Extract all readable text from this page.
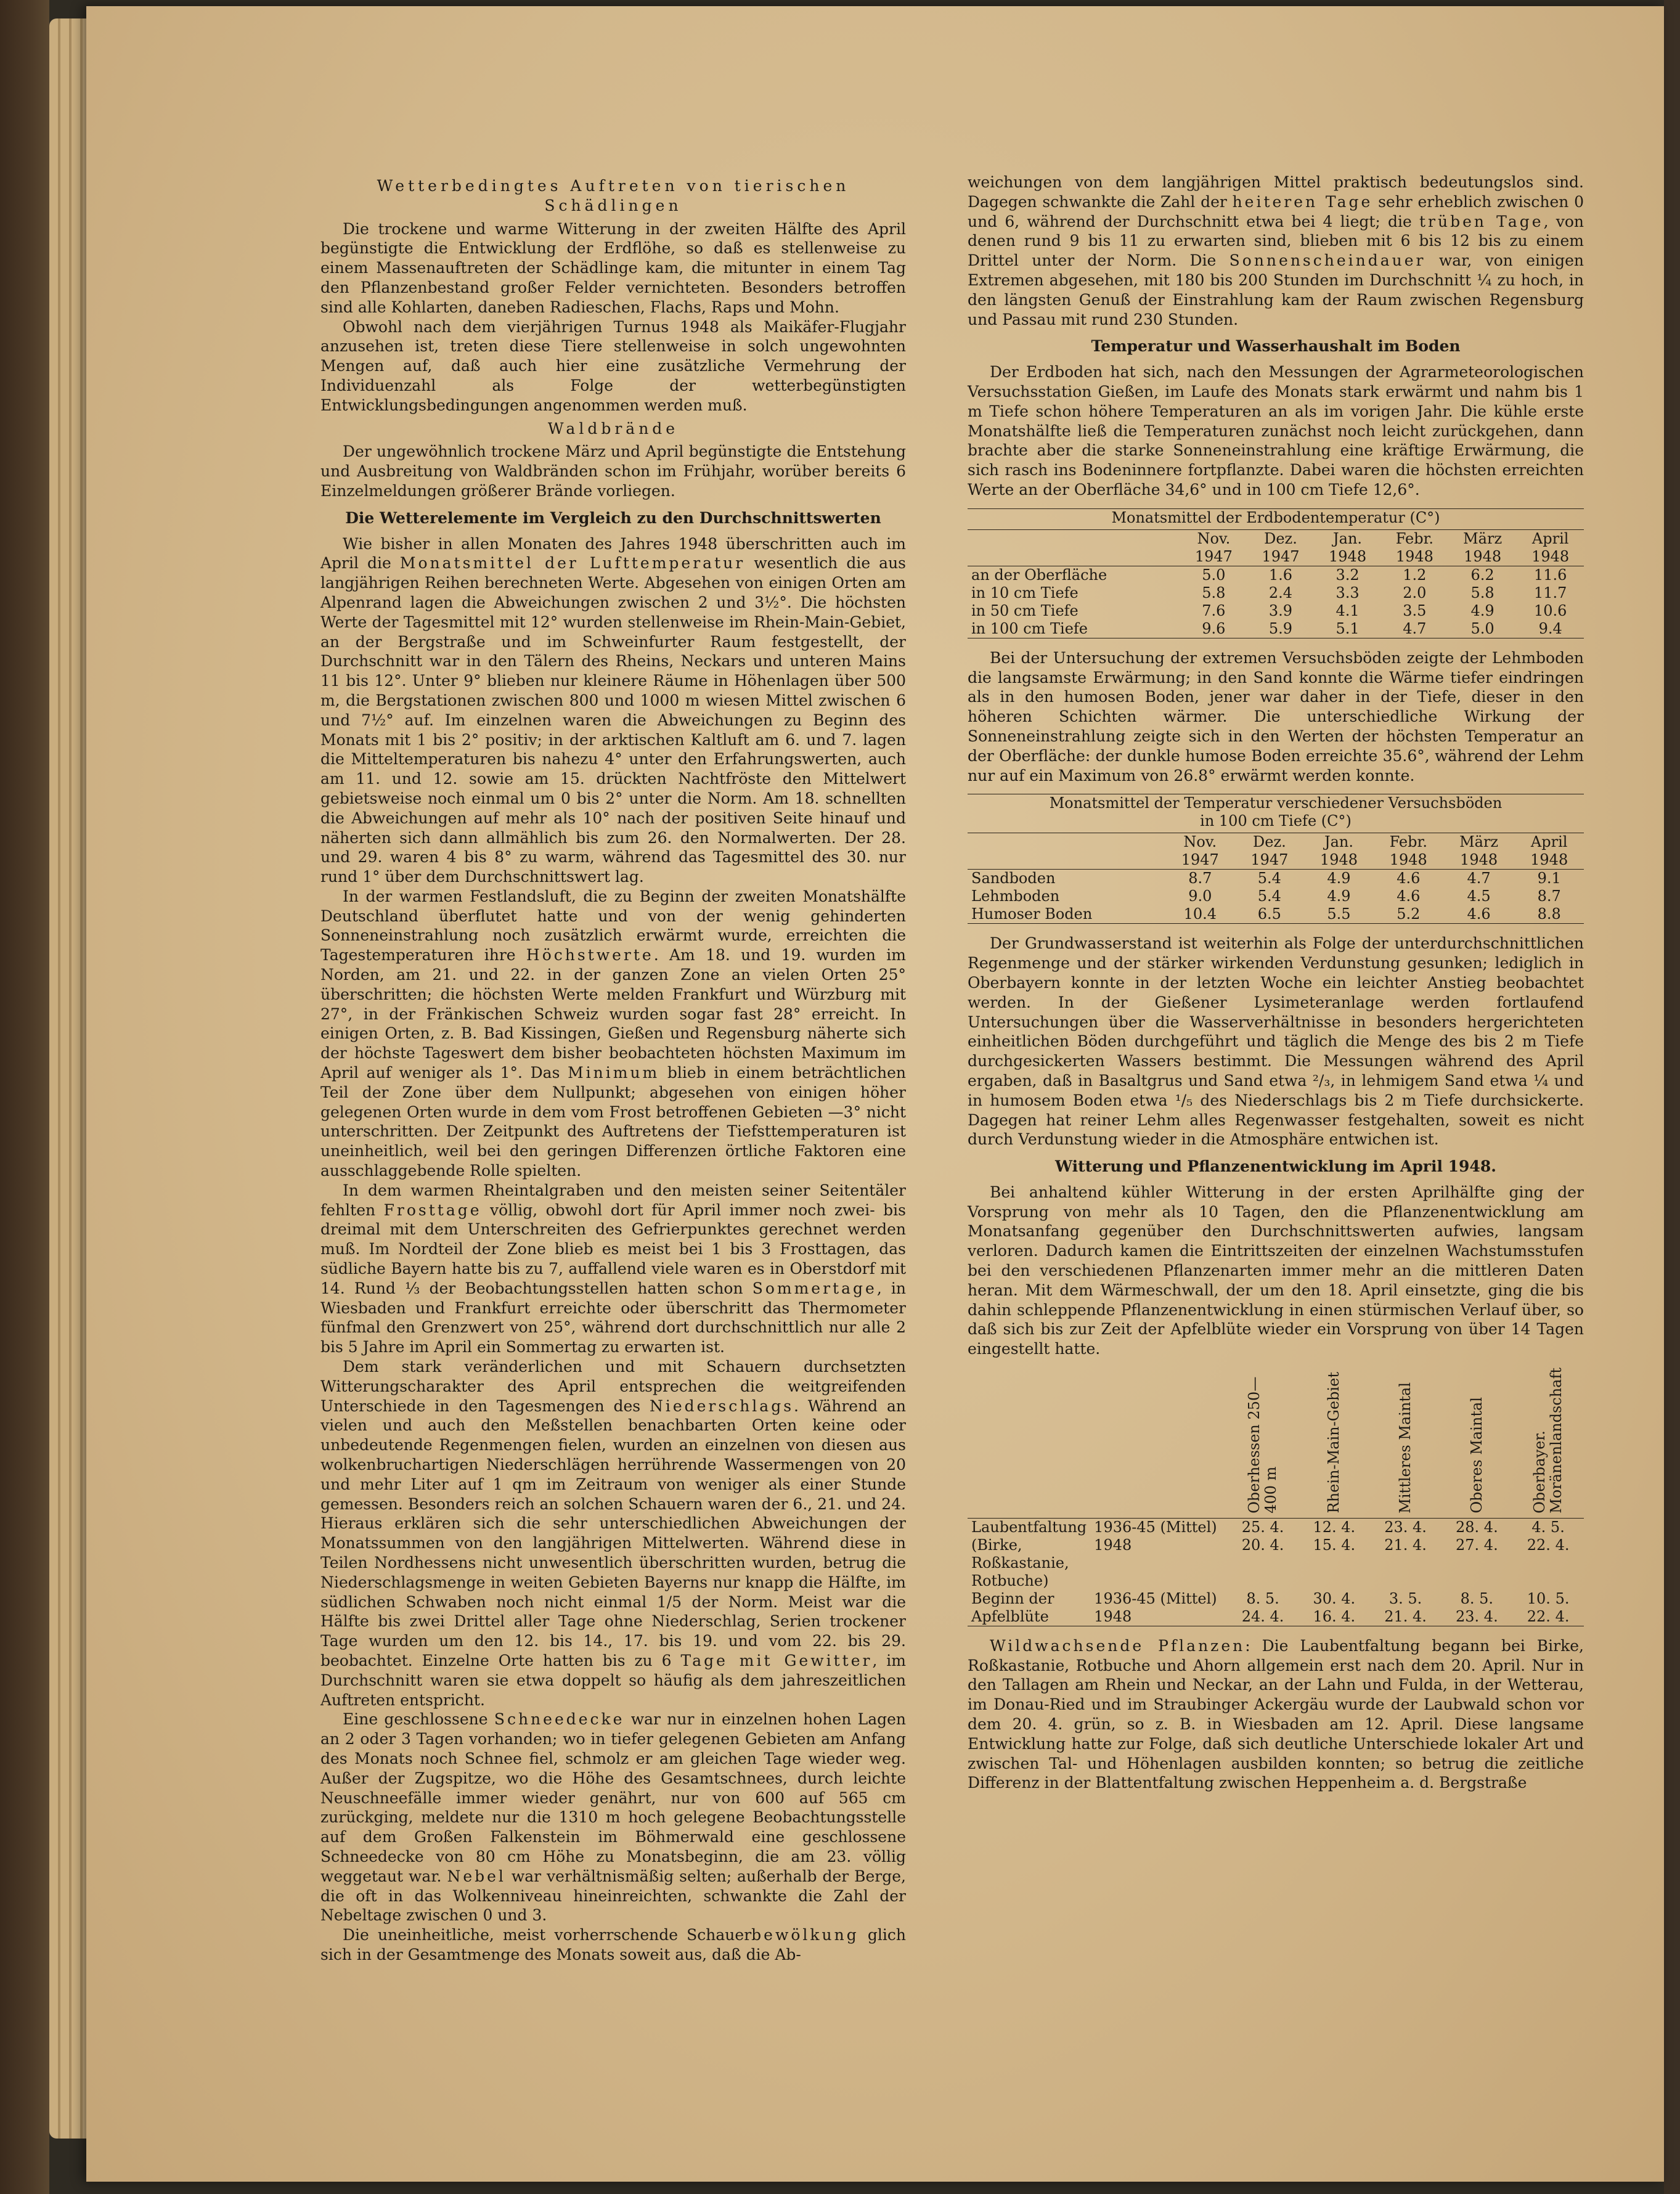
Wetterbedingtes Auftreten von tierischen
Schädlingen

Die trockene und warme Witterung in der zweiten Hälfte des April begünstigte die Entwicklung der Erdflöhe, so daß es stellenweise zu einem Massenauftreten der Schädlinge kam, die mitunter in einem Tag den Pflanzenbestand großer Felder vernichteten. Besonders betroffen sind alle Kohlarten, daneben Radieschen, Flachs, Raps und Mohn.

Obwohl nach dem vierjährigen Turnus 1948 als Maikäfer-Flugjahr anzusehen ist, treten diese Tiere stellenweise in solch ungewohnten Mengen auf, daß auch hier eine zusätzliche Vermehrung der Individuenzahl als Folge der wetterbegünstigten Entwicklungsbedingungen angenommen werden muß.

Waldbrände

Der ungewöhnlich trockene März und April begünstigte die Entstehung und Ausbreitung von Waldbränden schon im Frühjahr, worüber bereits 6 Einzelmeldungen größerer Brände vorliegen.

Die Wetterelemente im Vergleich zu den Durchschnittswerten

Wie bisher in allen Monaten des Jahres 1948 überschritten auch im April die Monatsmittel der Lufttemperatur wesentlich die aus langjährigen Reihen berechneten Werte. Abgesehen von einigen Orten am Alpenrand lagen die Abweichungen zwischen 2 und 3½°. Die höchsten Werte der Tagesmittel mit 12° wurden stellenweise im Rhein-Main-Gebiet, an der Bergstraße und im Schweinfurter Raum festgestellt, der Durchschnitt war in den Tälern des Rheins, Neckars und unteren Mains 11 bis 12°. Unter 9° blieben nur kleinere Räume in Höhenlagen über 500 m, die Bergstationen zwischen 800 und 1000 m wiesen Mittel zwischen 6 und 7½° auf. Im einzelnen waren die Abweichungen zu Beginn des Monats mit 1 bis 2° positiv; in der arktischen Kaltluft am 6. und 7. lagen die Mitteltemperaturen bis nahezu 4° unter den Erfahrungswerten, auch am 11. und 12. sowie am 15. drückten Nachtfröste den Mittelwert gebietsweise noch einmal um 0 bis 2° unter die Norm. Am 18. schnellten die Abweichungen auf mehr als 10° nach der positiven Seite hinauf und näherten sich dann allmählich bis zum 26. den Normalwerten. Der 28. und 29. waren 4 bis 8° zu warm, während das Tagesmittel des 30. nur rund 1° über dem Durchschnittswert lag.

In der warmen Festlandsluft, die zu Beginn der zweiten Monatshälfte Deutschland überflutet hatte und von der wenig gehinderten Sonneneinstrahlung noch zusätzlich erwärmt wurde, erreichten die Tagestemperaturen ihre Höchstwerte. Am 18. und 19. wurden im Norden, am 21. und 22. in der ganzen Zone an vielen Orten 25° überschritten; die höchsten Werte melden Frankfurt und Würzburg mit 27°, in der Fränkischen Schweiz wurden sogar fast 28° erreicht. In einigen Orten, z. B. Bad Kissingen, Gießen und Regensburg näherte sich der höchste Tageswert dem bisher beobachteten höchsten Maximum im April auf weniger als 1°. Das Minimum blieb in einem beträchtlichen Teil der Zone über dem Nullpunkt; abgesehen von einigen höher gelegenen Orten wurde in dem vom Frost betroffenen Gebieten —3° nicht unterschritten. Der Zeitpunkt des Auftretens der Tiefsttemperaturen ist uneinheitlich, weil bei den geringen Differenzen örtliche Faktoren eine ausschlaggebende Rolle spielten.

In dem warmen Rheintalgraben und den meisten seiner Seitentäler fehlten Frosttage völlig, obwohl dort für April immer noch zwei- bis dreimal mit dem Unterschreiten des Gefrierpunktes gerechnet werden muß. Im Nordteil der Zone blieb es meist bei 1 bis 3 Frosttagen, das südliche Bayern hatte bis zu 7, auffallend viele waren es in Oberstdorf mit 14. Rund ⅓ der Beobachtungsstellen hatten schon Sommertage, in Wiesbaden und Frankfurt erreichte oder überschritt das Thermometer fünfmal den Grenzwert von 25°, während dort durchschnittlich nur alle 2 bis 5 Jahre im April ein Sommertag zu erwarten ist.

Dem stark veränderlichen und mit Schauern durchsetzten Witterungscharakter des April entsprechen die weitgreifenden Unterschiede in den Tagesmengen des Niederschlags. Während an vielen und auch den Meßstellen benachbarten Orten keine oder unbedeutende Regenmengen fielen, wurden an einzelnen von diesen aus wolkenbruchartigen Niederschlägen herrührende Wassermengen von 20 und mehr Liter auf 1 qm im Zeitraum von weniger als einer Stunde gemessen. Besonders reich an solchen Schauern waren der 6., 21. und 24. Hieraus erklären sich die sehr unterschiedlichen Abweichungen der Monatssummen von den langjährigen Mittelwerten. Während diese in Teilen Nordhessens nicht unwesentlich überschritten wurden, betrug die Niederschlagsmenge in weiten Gebieten Bayerns nur knapp die Hälfte, im südlichen Schwaben noch nicht einmal 1/5 der Norm. Meist war die Hälfte bis zwei Drittel aller Tage ohne Niederschlag, Serien trockener Tage wurden um den 12. bis 14., 17. bis 19. und vom 22. bis 29. beobachtet. Einzelne Orte hatten bis zu 6 Tage mit Gewitter, im Durchschnitt waren sie etwa doppelt so häufig als dem jahreszeitlichen Auftreten entspricht.

Eine geschlossene Schneedecke war nur in einzelnen hohen Lagen an 2 oder 3 Tagen vorhanden; wo in tiefer gelegenen Gebieten am Anfang des Monats noch Schnee fiel, schmolz er am gleichen Tage wieder weg. Außer der Zugspitze, wo die Höhe des Gesamtschnees, durch leichte Neuschneefälle immer wieder genährt, nur von 600 auf 565 cm zurückging, meldete nur die 1310 m hoch gelegene Beobachtungsstelle auf dem Großen Falkenstein im Böhmerwald eine geschlossene Schneedecke von 80 cm Höhe zu Monatsbeginn, die am 23. völlig weggetaut war. Nebel war verhältnismäßig selten; außerhalb der Berge, die oft in das Wolkenniveau hineinreichten, schwankte die Zahl der Nebeltage zwischen 0 und 3.

Die uneinheitliche, meist vorherrschende Schauerbewölkung glich sich in der Gesamtmenge des Monats soweit aus, daß die Ab-

weichungen von dem langjährigen Mittel praktisch bedeutungslos sind. Dagegen schwankte die Zahl der heiteren Tage sehr erheblich zwischen 0 und 6, während der Durchschnitt etwa bei 4 liegt; die trüben Tage, von denen rund 9 bis 11 zu erwarten sind, blieben mit 6 bis 12 bis zu einem Drittel unter der Norm. Die Sonnenscheindauer war, von einigen Extremen abgesehen, mit 180 bis 200 Stunden im Durchschnitt ¼ zu hoch, in den längsten Genuß der Einstrahlung kam der Raum zwischen Regensburg und Passau mit rund 230 Stunden.

Temperatur und Wasserhaushalt im Boden

Der Erdboden hat sich, nach den Messungen der Agrarmeteorologischen Versuchsstation Gießen, im Laufe des Monats stark erwärmt und nahm bis 1 m Tiefe schon höhere Temperaturen an als im vorigen Jahr. Die kühle erste Monatshälfte ließ die Temperaturen zunächst noch leicht zurückgehen, dann brachte aber die starke Sonneneinstrahlung eine kräftige Erwärmung, die sich rasch ins Bodeninnere fortpflanzte. Dabei waren die höchsten erreichten Werte an der Oberfläche 34,6° und in 100 cm Tiefe 12,6°.

Monatsmittel der Erdbodentemperatur (C°)
	Nov.	Dez.	Jan.	Febr.	März	April
	1947	1947	1948	1948	1948	1948
an der Oberfläche	5.0	1.6	3.2	1.2	6.2	11.6
in 10 cm Tiefe	5.8	2.4	3.3	2.0	5.8	11.7
in 50 cm Tiefe	7.6	3.9	4.1	3.5	4.9	10.6
in 100 cm Tiefe	9.6	5.9	5.1	4.7	5.0	9.4

Bei der Untersuchung der extremen Versuchsböden zeigte der Lehmboden die langsamste Erwärmung; in den Sand konnte die Wärme tiefer eindringen als in den humosen Boden, jener war daher in der Tiefe, dieser in den höheren Schichten wärmer. Die unterschiedliche Wirkung der Sonneneinstrahlung zeigte sich in den Werten der höchsten Temperatur an der Oberfläche: der dunkle humose Boden erreichte 35.6°, während der Lehm nur auf ein Maximum von 26.8° erwärmt werden konnte.

Monatsmittel der Temperatur verschiedener Versuchsböden
in 100 cm Tiefe (C°)
	Nov.	Dez.	Jan.	Febr.	März	April
	1947	1947	1948	1948	1948	1948
Sandboden	8.7	5.4	4.9	4.6	4.7	9.1
Lehmboden	9.0	5.4	4.9	4.6	4.5	8.7
Humoser Boden	10.4	6.5	5.5	5.2	4.6	8.8

Der Grundwasserstand ist weiterhin als Folge der unterdurchschnittlichen Regenmenge und der stärker wirkenden Verdunstung gesunken; lediglich in Oberbayern konnte in der letzten Woche ein leichter Anstieg beobachtet werden. In der Gießener Lysimeteranlage werden fortlaufend Untersuchungen über die Wasserverhältnisse in besonders hergerichteten einheitlichen Böden durchgeführt und täglich die Menge des bis 2 m Tiefe durchgesickerten Wassers bestimmt. Die Messungen während des April ergaben, daß in Basaltgrus und Sand etwa ²/₃, in lehmigem Sand etwa ¼ und in humosem Boden etwa ¹/₅ des Niederschlags bis 2 m Tiefe durchsickerte. Dagegen hat reiner Lehm alles Regenwasser festgehalten, soweit es nicht durch Verdunstung wieder in die Atmosphäre entwichen ist.

Witterung und Pflanzenentwicklung im April 1948.

Bei anhaltend kühler Witterung in der ersten Aprilhälfte ging der Vorsprung von mehr als 10 Tagen, den die Pflanzenentwicklung am Monatsanfang gegenüber den Durchschnittswerten aufwies, langsam verloren. Dadurch kamen die Eintrittszeiten der einzelnen Wachstumsstufen bei den verschiedenen Pflanzenarten immer mehr an die mittleren Daten heran. Mit dem Wärmeschwall, der um den 18. April einsetzte, ging die bis dahin schleppende Pflanzenentwicklung in einen stürmischen Verlauf über, so daß sich bis zur Zeit der Apfelblüte wieder ein Vorsprung von über 14 Tagen eingestellt hatte.

		Oberhessen 250—400 m	Rhein-Main-Gebiet	Mittleres Maintal	Oberes Maintal	Oberbayer. Moränenlandschaft
Laubentfaltung	1936-45 (Mittel)	25. 4.	12. 4.	23. 4.	28. 4.	4. 5.
(Birke, Roßkastanie, Rotbuche)	1948	20. 4.	15. 4.	21. 4.	27. 4.	22. 4.
Beginn der	1936-45 (Mittel)	8. 5.	30. 4.	3. 5.	8. 5.	10. 5.
Apfelblüte	1948	24. 4.	16. 4.	21. 4.	23. 4.	22. 4.

Wildwachsende Pflanzen: Die Laubentfaltung begann bei Birke, Roßkastanie, Rotbuche und Ahorn allgemein erst nach dem 20. April. Nur in den Tallagen am Rhein und Neckar, an der Lahn und Fulda, in der Wetterau, im Donau-Ried und im Straubinger Ackergäu wurde der Laubwald schon vor dem 20. 4. grün, so z. B. in Wiesbaden am 12. April. Diese langsame Entwicklung hatte zur Folge, daß sich deutliche Unterschiede lokaler Art und zwischen Tal- und Höhenlagen ausbilden konnten; so betrug die zeitliche Differenz in der Blattentfaltung zwischen Heppenheim a. d. Bergstraße
